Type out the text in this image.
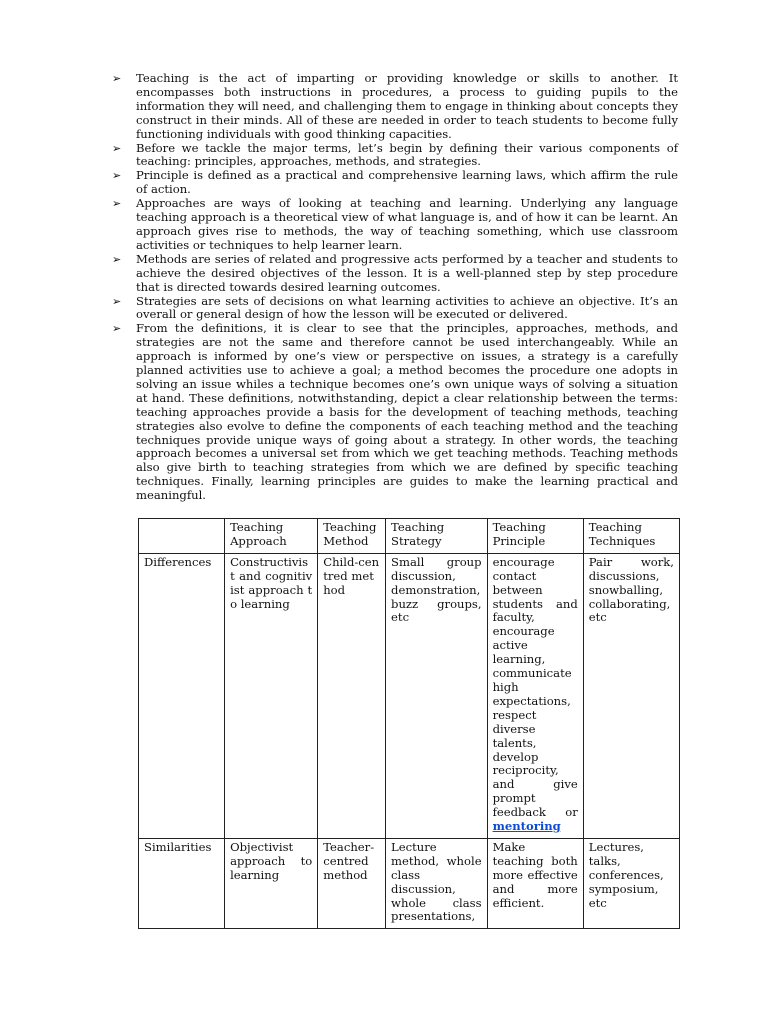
➢	Teaching is the act of imparting or providing knowledge or skills to another. It encompasses both instructions in procedures, a process to guiding pupils to the information they will need, and challenging them to engage in thinking about concepts they construct in their minds. All of these are needed in order to teach students to become fully functioning individuals with good thinking capacities.
➢	Before we tackle the major terms, let’s begin by defining their various components of teaching: principles, approaches, methods, and strategies.
➢	Principle is defined as a practical and comprehensive learning laws, which affirm the rule of action.
➢	Approaches are ways of looking at teaching and learning. Underlying any language teaching approach is a theoretical view of what language is, and of how it can be learnt. An approach gives rise to methods, the way of teaching something, which use classroom activities or techniques to help learner learn.
➢	Methods are series of related and progressive acts performed by a teacher and students to achieve the desired objectives of the lesson. It is a well-planned step by step procedure that is directed towards desired learning outcomes.
➢	Strategies are sets of decisions on what learning activities to achieve an objective. It’s an overall or general design of how the lesson will be executed or delivered.
➢	From the definitions, it is clear to see that the principles, approaches, methods, and strategies are not the same and therefore cannot be used interchangeably. While an approach is informed by one’s view or perspective on issues, a strategy is a carefully planned activities use to achieve a goal; a method becomes the procedure one adopts in solving an issue whiles a technique becomes one’s own unique ways of solving a situation at hand. These definitions, notwithstanding, depict a clear relationship between the terms: teaching approaches provide a basis for the development of teaching methods, teaching strategies also evolve to define the components of each teaching method and the teaching techniques provide unique ways of going about a strategy. In other words, the teaching approach becomes a universal set from which we get teaching methods. Teaching methods also give birth to teaching strategies from which we are defined by specific teaching techniques. Finally, learning principles are guides to make the learning practical and meaningful.
	Teaching Approach	Teaching Method	Teaching Strategy	Teaching Principle	Teaching Techniques
Differences	Constructivist and cognitivist approach to learning	Child-centred method	Small group discussion, demonstration, buzz groups, etc	encourage contact between students and faculty, encourage active learning, communicate high expectations, respect diverse talents, develop reciprocity, and give prompt feedback or mentoring	Pair work, discussions, snowballing, collaborating, etc
Similarities	Objectivist approach to learning	Teacher-centred method	Lecture method, whole class discussion, whole class presentations,	Make teaching both more effective and more efficient.	Lectures, talks, conferences, symposium, etc
